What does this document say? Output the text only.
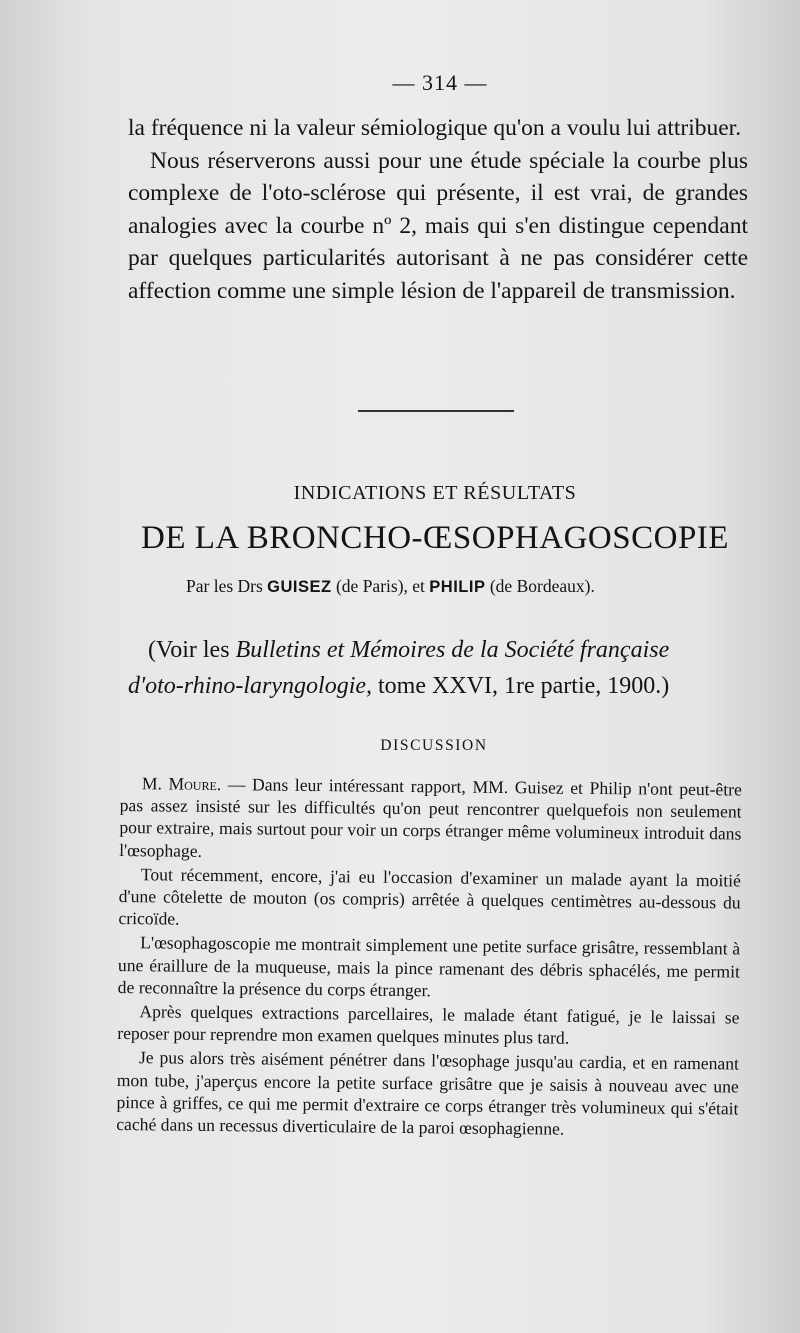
— 314 —

la fréquence ni la valeur sémiologique qu'on a voulu lui attribuer.

Nous réserverons aussi pour une étude spéciale la courbe plus complexe de l'oto-sclérose qui présente, il est vrai, de grandes analogies avec la courbe nº 2, mais qui s'en distingue cependant par quelques particularités autorisant à ne pas considérer cette affection comme une simple lésion de l'appareil de transmission.

INDICATIONS ET RÉSULTATS
DE LA BRONCHO-ŒSOPHAGOSCOPIE
Par les Drs GUISEZ (de Paris), et PHILIP (de Bordeaux).
(Voir les Bulletins et Mémoires de la Société française
d'oto-rhino-laryngologie, tome XXVI, 1re partie, 1900.)
DISCUSSION

M. Moure. — Dans leur intéressant rapport, MM. Guisez et Philip n'ont peut-être pas assez insisté sur les difficultés qu'on peut rencontrer quelquefois non seulement pour extraire, mais surtout pour voir un corps étranger même volumineux introduit dans l'œsophage.

Tout récemment, encore, j'ai eu l'occasion d'examiner un malade ayant la moitié d'une côtelette de mouton (os compris) arrêtée à quelques centimètres au-dessous du cricoïde.

L'œsophagoscopie me montrait simplement une petite surface grisâtre, ressemblant à une éraillure de la muqueuse, mais la pince ramenant des débris sphacélés, me permit de reconnaître la présence du corps étranger.

Après quelques extractions parcellaires, le malade étant fatigué, je le laissai se reposer pour reprendre mon examen quelques minutes plus tard.

Je pus alors très aisément pénétrer dans l'œsophage jusqu'au cardia, et en ramenant mon tube, j'aperçus encore la petite surface grisâtre que je saisis à nouveau avec une pince à griffes, ce qui me permit d'extraire ce corps étranger très volumineux qui s'était caché dans un recessus diverticulaire de la paroi œsophagienne.
